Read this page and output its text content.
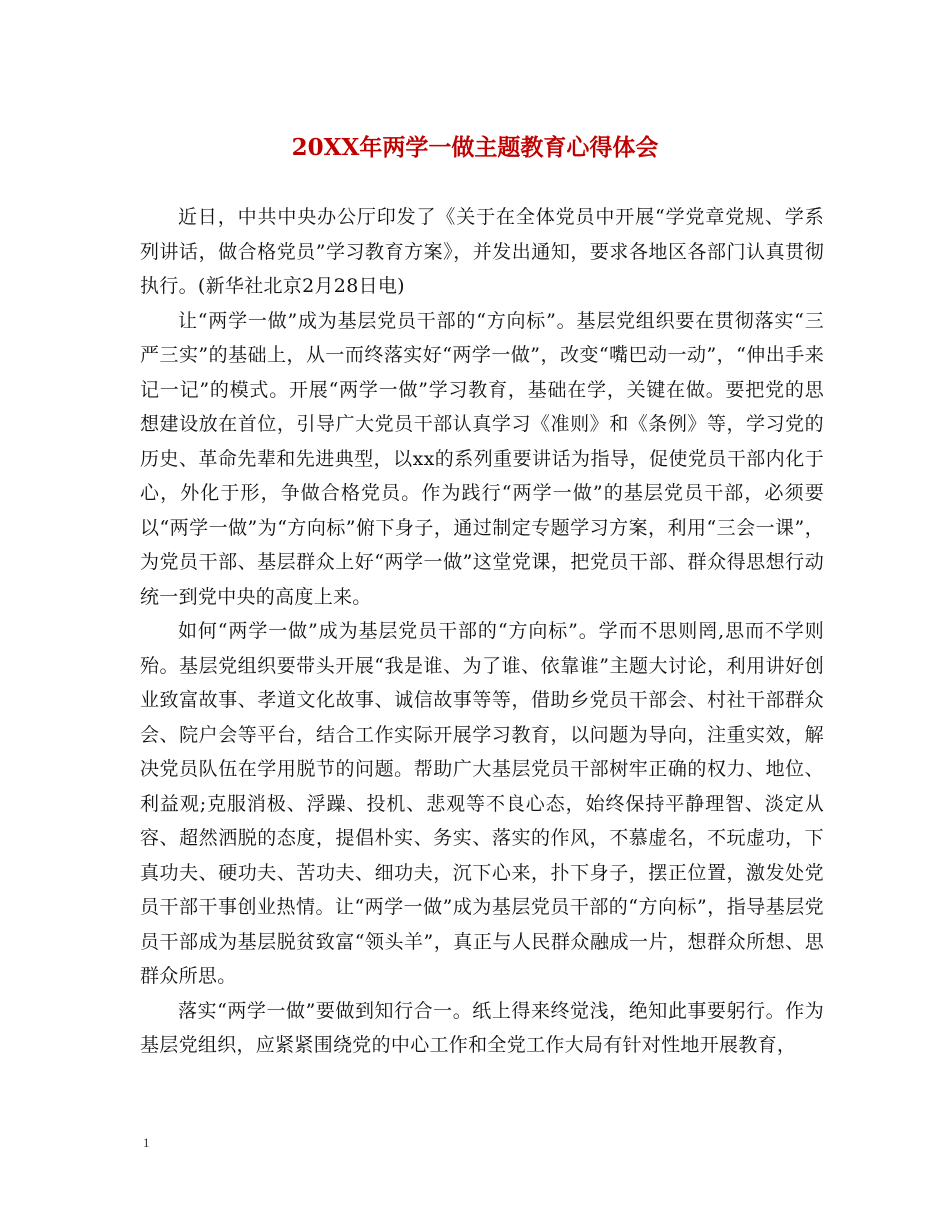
20XX年两学一做主题教育心得体会

近日，中共中央办公厅印发了《关于在全体党员中开展“学党章党规、学系列讲话，做合格党员”学习教育方案》，并发出通知，要求各地区各部门认真贯彻执行。(新华社北京2月28日电)

让“两学一做”成为基层党员干部的“方向标”。基层党组织要在贯彻落实“三严三实”的基础上，从一而终落实好“两学一做”，改变“嘴巴动一动”，“伸出手来记一记”的模式。开展“两学一做”学习教育，基础在学，关键在做。要把党的思想建设放在首位，引导广大党员干部认真学习《准则》和《条例》等，学习党的历史、革命先辈和先进典型，以xx的系列重要讲话为指导，促使党员干部内化于心，外化于形，争做合格党员。作为践行“两学一做”的基层党员干部，必须要以“两学一做”为“方向标”俯下身子，通过制定专题学习方案，利用“三会一课”，为党员干部、基层群众上好“两学一做”这堂党课，把党员干部、群众得思想行动统一到党中央的高度上来。

如何“两学一做”成为基层党员干部的“方向标”。学而不思则罔,思而不学则殆。基层党组织要带头开展“我是谁、为了谁、依靠谁”主题大讨论，利用讲好创业致富故事、孝道文化故事、诚信故事等等，借助乡党员干部会、村社干部群众会、院户会等平台，结合工作实际开展学习教育，以问题为导向，注重实效，解决党员队伍在学用脱节的问题。帮助广大基层党员干部树牢正确的权力、地位、利益观;克服消极、浮躁、投机、悲观等不良心态，始终保持平静理智、淡定从容、超然洒脱的态度，提倡朴实、务实、落实的作风，不慕虚名，不玩虚功，下真功夫、硬功夫、苦功夫、细功夫，沉下心来，扑下身子，摆正位置，激发处党员干部干事创业热情。让“两学一做”成为基层党员干部的“方向标”，指导基层党员干部成为基层脱贫致富“领头羊”，真正与人民群众融成一片，想群众所想、思群众所思。

落实“两学一做”要做到知行合一。纸上得来终觉浅，绝知此事要躬行。作为基层党组织，应紧紧围绕党的中心工作和全党工作大局有针对性地开展教育，

1
